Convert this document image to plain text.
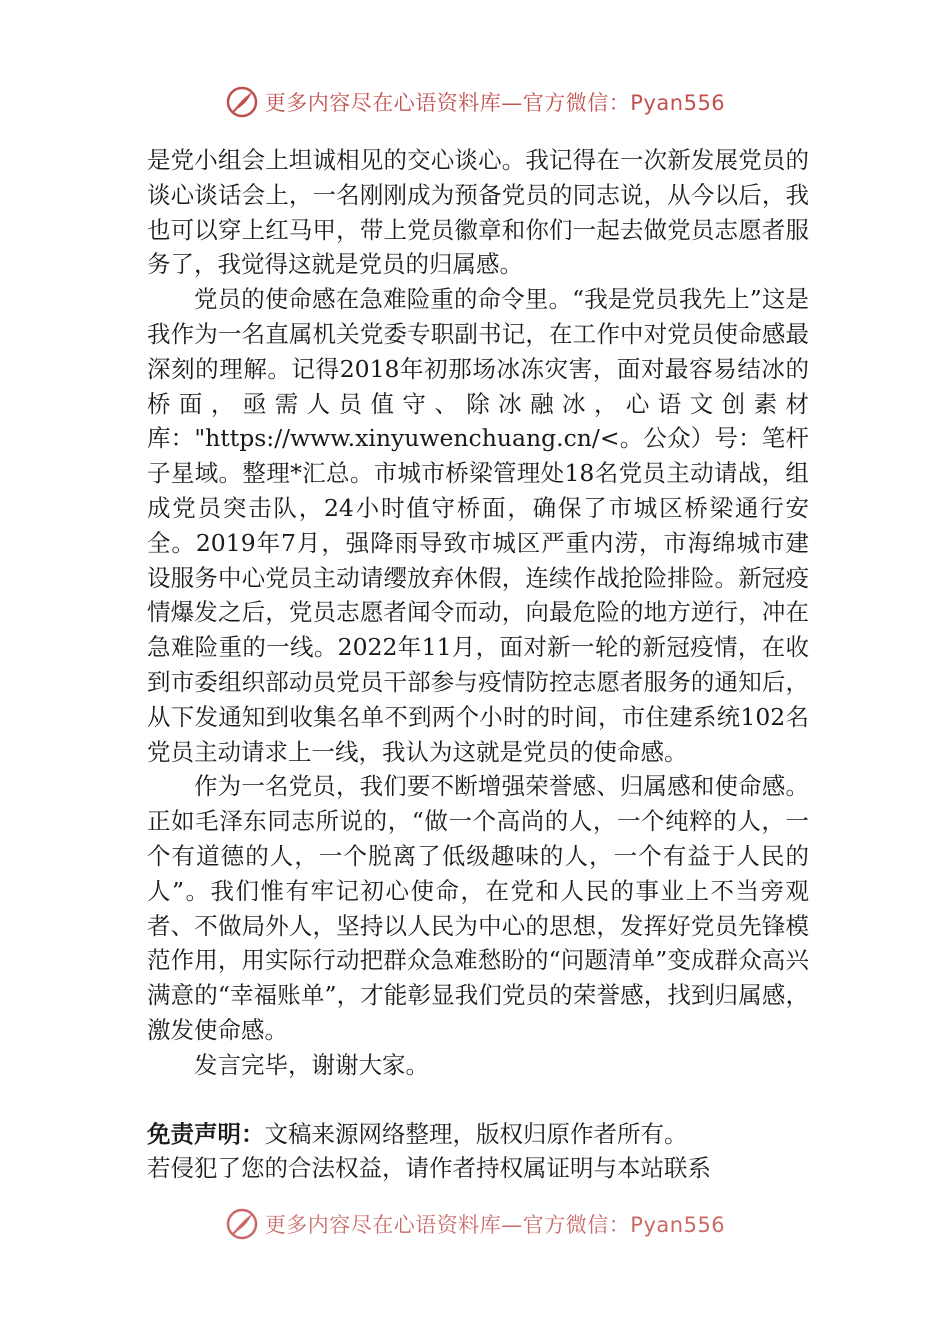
更多内容尽在心语资料库—官方微信：Pyan556

是党小组会上坦诚相见的交心谈心。我记得在一次新发展党员的谈心谈话会上，一名刚刚成为预备党员的同志说，从今以后，我也可以穿上红马甲，带上党员徽章和你们一起去做党员志愿者服务了，我觉得这就是党员的归属感。

党员的使命感在急难险重的命令里。“我是党员我先上”这是我作为一名直属机关党委专职副书记，在工作中对党员使命感最深刻的理解。记得2018年初那场冰冻灾害，面对最容易结冰的桥面，亟需人员值守、除冰融冰，心语文创素材库："https://www.xinyuwenchuang.cn/<。公众）号：笔杆子星域。整理*汇总。市城市桥梁管理处18名党员主动请战，组成党员突击队，24小时值守桥面，确保了市城区桥梁通行安全。2019年7月，强降雨导致市城区严重内涝，市海绵城市建设服务中心党员主动请缨放弃休假，连续作战抢险排险。新冠疫情爆发之后，党员志愿者闻令而动，向最危险的地方逆行，冲在急难险重的一线。2022年11月，面对新一轮的新冠疫情，在收到市委组织部动员党员干部参与疫情防控志愿者服务的通知后，从下发通知到收集名单不到两个小时的时间，市住建系统102名党员主动请求上一线，我认为这就是党员的使命感。

作为一名党员，我们要不断增强荣誉感、归属感和使命感。正如毛泽东同志所说的，“做一个高尚的人，一个纯粹的人，一个有道德的人，一个脱离了低级趣味的人，一个有益于人民的人”。我们惟有牢记初心使命，在党和人民的事业上不当旁观者、不做局外人，坚持以人民为中心的思想，发挥好党员先锋模范作用，用实际行动把群众急难愁盼的“问题清单”变成群众高兴满意的“幸福账单”，才能彰显我们党员的荣誉感，找到归属感，激发使命感。

发言完毕，谢谢大家。

免责声明：文稿来源网络整理，版权归原作者所有。

若侵犯了您的合法权益，请作者持权属证明与本站联系

更多内容尽在心语资料库—官方微信：Pyan556
